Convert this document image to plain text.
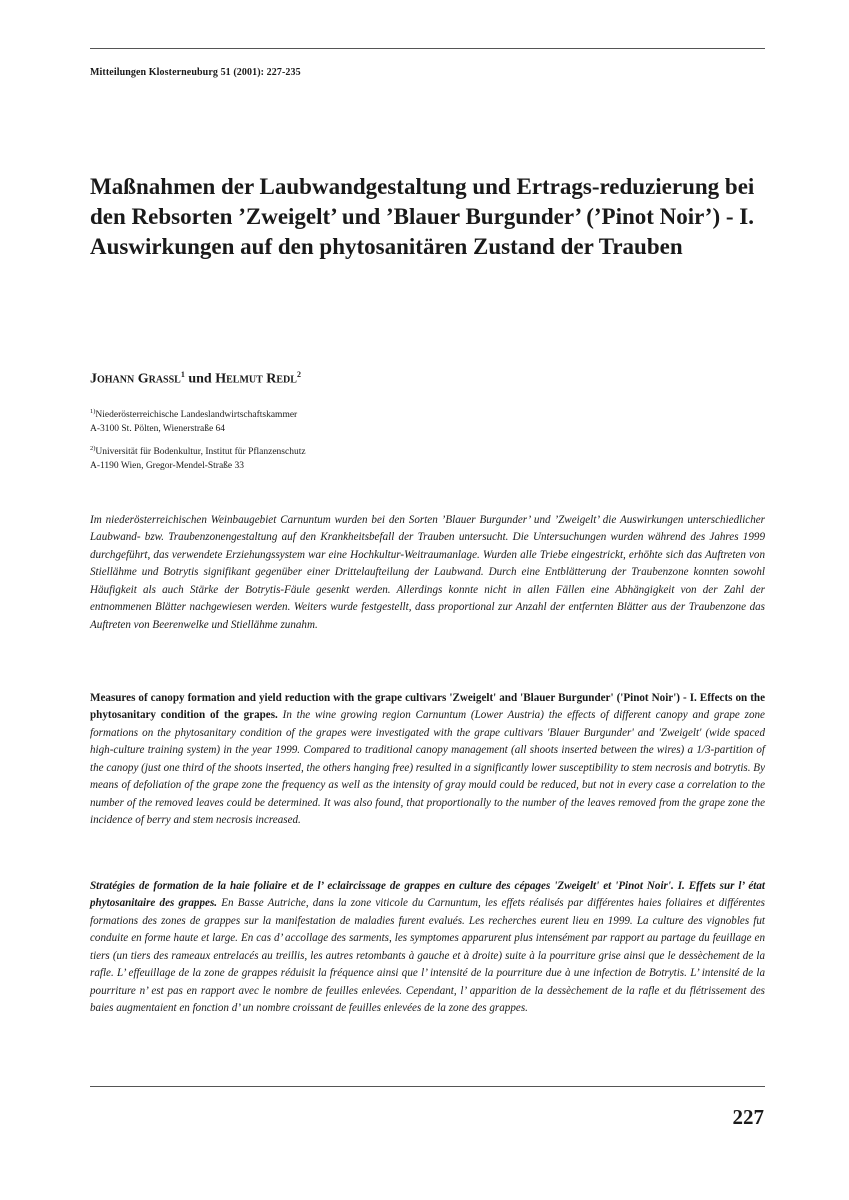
Mitteilungen Klosterneuburg 51 (2001): 227-235
Maßnahmen der Laubwandgestaltung und Ertrags-reduzierung bei den Rebsorten ’Zweigelt’ und ’Blauer Burgunder’ (’Pinot Noir’) - I. Auswirkungen auf den phytosanitären Zustand der Trauben
Johann Grassl$^1$ und Helmut Redl$^2$
$^{1)}$Niederösterreichische Landeslandwirtschaftskammer
A-3100 St. Pölten, Wienerstraße 64
$^{2)}$Universität für Bodenkultur, Institut für Pflanzenschutz
A-1190 Wien, Gregor-Mendel-Straße 33

Im niederösterreichischen Weinbaugebiet Carnuntum wurden bei den Sorten ’Blauer Burgunder’ und ’Zweigelt’ die Auswirkungen unterschiedlicher Laubwand- bzw. Traubenzonengestaltung auf den Krankheitsbefall der Trauben untersucht. Die Untersuchungen wurden während des Jahres 1999 durchgeführt, das verwendete Erziehungssystem war eine Hochkultur-Weitraumanlage. Wurden alle Triebe eingestrickt, erhöhte sich das Auftreten von Stiellähme und Botrytis signifikant gegenüber einer Drittelaufteilung der Laubwand. Durch eine Entblätterung der Traubenzone konnten sowohl Häufigkeit als auch Stärke der Botrytis-Fäule gesenkt werden. Allerdings konnte nicht in allen Fällen eine Abhängigkeit von der Zahl der entnommenen Blätter nachgewiesen werden. Weiters wurde festgestellt, dass proportional zur Anzahl der entfernten Blätter aus der Traubenzone das Auftreten von Beerenwelke und Stiellähme zunahm.

Measures of canopy formation and yield reduction with the grape cultivars 'Zweigelt' and 'Blauer Burgunder' ('Pinot Noir') - I. Effects on the phytosanitary condition of the grapes. In the wine growing region Carnuntum (Lower Austria) the effects of different canopy and grape zone formations on the phytosanitary condition of the grapes were investigated with the grape cultivars 'Blauer Burgunder' and 'Zweigelt' (wide spaced high-culture training system) in the year 1999. Compared to traditional canopy management (all shoots inserted between the wires) a 1/3-partition of the canopy (just one third of the shoots inserted, the others hanging free) resulted in a significantly lower susceptibility to stem necrosis and botrytis. By means of defoliation of the grape zone the frequency as well as the intensity of gray mould could be reduced, but not in every case a correlation to the number of the removed leaves could be determined. It was also found, that proportionally to the number of the leaves removed from the grape zone the incidence of berry and stem necrosis increased.

Stratégies de formation de la haie foliaire et de l’ eclaircissage de grappes en culture des cépages 'Zweigelt' et 'Pinot Noir'. I. Effets sur l’ état phytosanitaire des grappes. En Basse Autriche, dans la zone viticole du Carnuntum, les effets réalisés par différentes haies foliaires et différentes formations des zones de grappes sur la manifestation de maladies furent evalués. Les recherches eurent lieu en 1999. La culture des vignobles fut conduite en forme haute et large. En cas d’ accollage des sarments, les symptomes apparurent plus intensément par rapport au partage du feuillage en tiers (un tiers des rameaux entrelacés au treillis, les autres retombants à gauche et à droite) suite à la pourriture grise ainsi que le dessèchement de la rafle. L’ effeuillage de la zone de grappes réduisit la fréquence ainsi que l’ intensité de la pourriture due à une infection de Botrytis. L’ intensité de la pourriture n’ est pas en rapport avec le nombre de feuilles enlevées. Cependant, l’ apparition de la dessèchement de la rafle et du flétrissement des baies augmentaient en fonction d’ un nombre croissant de feuilles enlevées de la zone des grappes.

227
